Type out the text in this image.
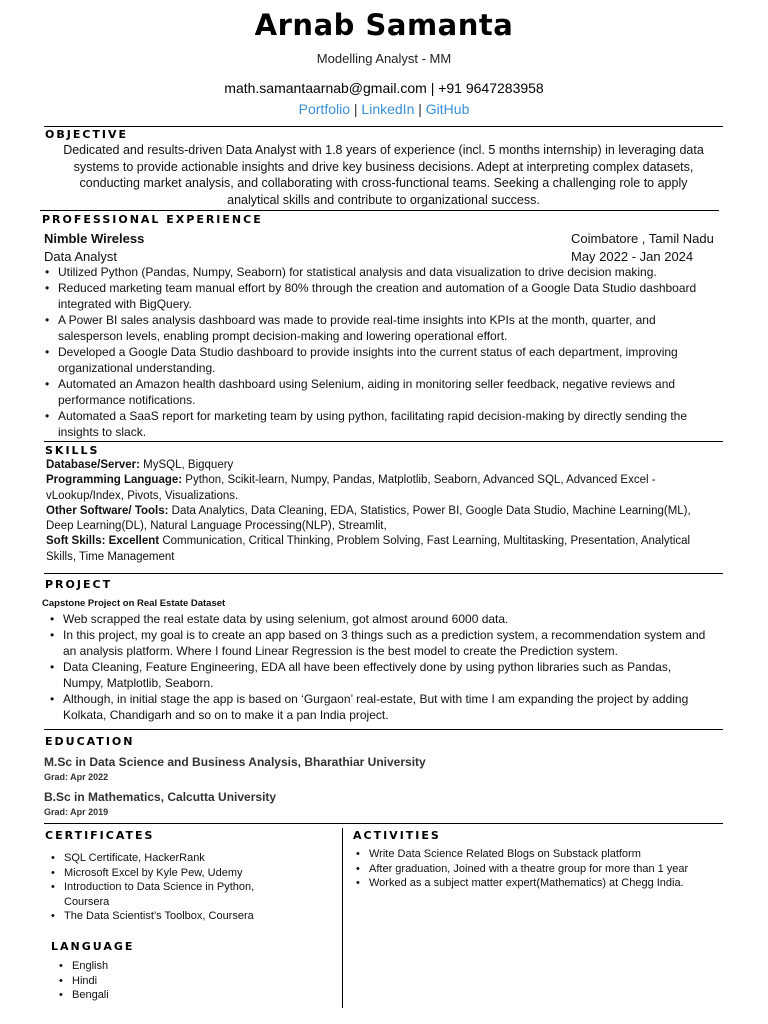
Arnab Samanta
Modelling Analyst - MM
math.samantaarnab@gmail.com | +91 9647283958
Portfolio | LinkedIn | GitHub
OBJECTIVE
Dedicated and results-driven Data Analyst with 1.8 years of experience (incl. 5 months internship) in leveraging data
systems to provide actionable insights and drive key business decisions. Adept at interpreting complex datasets,
conducting market analysis, and collaborating with cross-functional teams. Seeking a challenging role to apply
analytical skills and contribute to organizational success.
PROFESSIONAL EXPERIENCE
Nimble Wireless	Coimbatore , Tamil Nadu
Data Analyst	May 2022 - Jan 2024
• Utilized Python (Pandas, Numpy, Seaborn) for statistical analysis and data visualization to drive decision making.
• Reduced marketing team manual effort by 80% through the creation and automation of a Google Data Studio dashboard
integrated with BigQuery.
• A Power BI sales analysis dashboard was made to provide real-time insights into KPIs at the month, quarter, and
salesperson levels, enabling prompt decision-making and lowering operational effort.
• Developed a Google Data Studio dashboard to provide insights into the current status of each department, improving
organizational understanding.
• Automated an Amazon health dashboard using Selenium, aiding in monitoring seller feedback, negative reviews and
performance notifications.
• Automated a SaaS report for marketing team by using python, facilitating rapid decision-making by directly sending the
insights to slack.
SKILLS
Database/Server: MySQL, Bigquery
Programming Language: Python, Scikit-learn, Numpy, Pandas, Matplotlib, Seaborn, Advanced SQL, Advanced Excel -
vLookup/Index, Pivots, Visualizations.
Other Software/ Tools: Data Analytics, Data Cleaning, EDA, Statistics, Power BI, Google Data Studio, Machine Learning(ML),
Deep Learning(DL), Natural Language Processing(NLP), Streamlit,
Soft Skills: Excellent Communication, Critical Thinking, Problem Solving, Fast Learning, Multitasking, Presentation, Analytical
Skills, Time Management
PROJECT
Capstone Project on Real Estate Dataset
• Web scrapped the real estate data by using selenium, got almost around 6000 data.
• In this project, my goal is to create an app based on 3 things such as a prediction system, a recommendation system and
an analysis platform. Where I found Linear Regression is the best model to create the Prediction system.
• Data Cleaning, Feature Engineering, EDA all have been effectively done by using python libraries such as Pandas,
Numpy, Matplotlib, Seaborn.
• Although, in initial stage the app is based on ‘Gurgaon’ real-estate, But with time I am expanding the project by adding
Kolkata, Chandigarh and so on to make it a pan India project.
EDUCATION
M.Sc in Data Science and Business Analysis, Bharathiar University
Grad: Apr 2022
B.Sc in Mathematics, Calcutta University
Grad: Apr 2019
CERTIFICATES
• SQL Certificate, HackerRank
• Microsoft Excel by Kyle Pew, Udemy
• Introduction to Data Science in Python,
Coursera
• The Data Scientist’s Toolbox, Coursera
ACTIVITIES
• Write Data Science Related Blogs on Substack platform
• After graduation, Joined with a theatre group for more than 1 year
• Worked as a subject matter expert(Mathematics) at Chegg India.
LANGUAGE
• English
• Hindi
• Bengali
